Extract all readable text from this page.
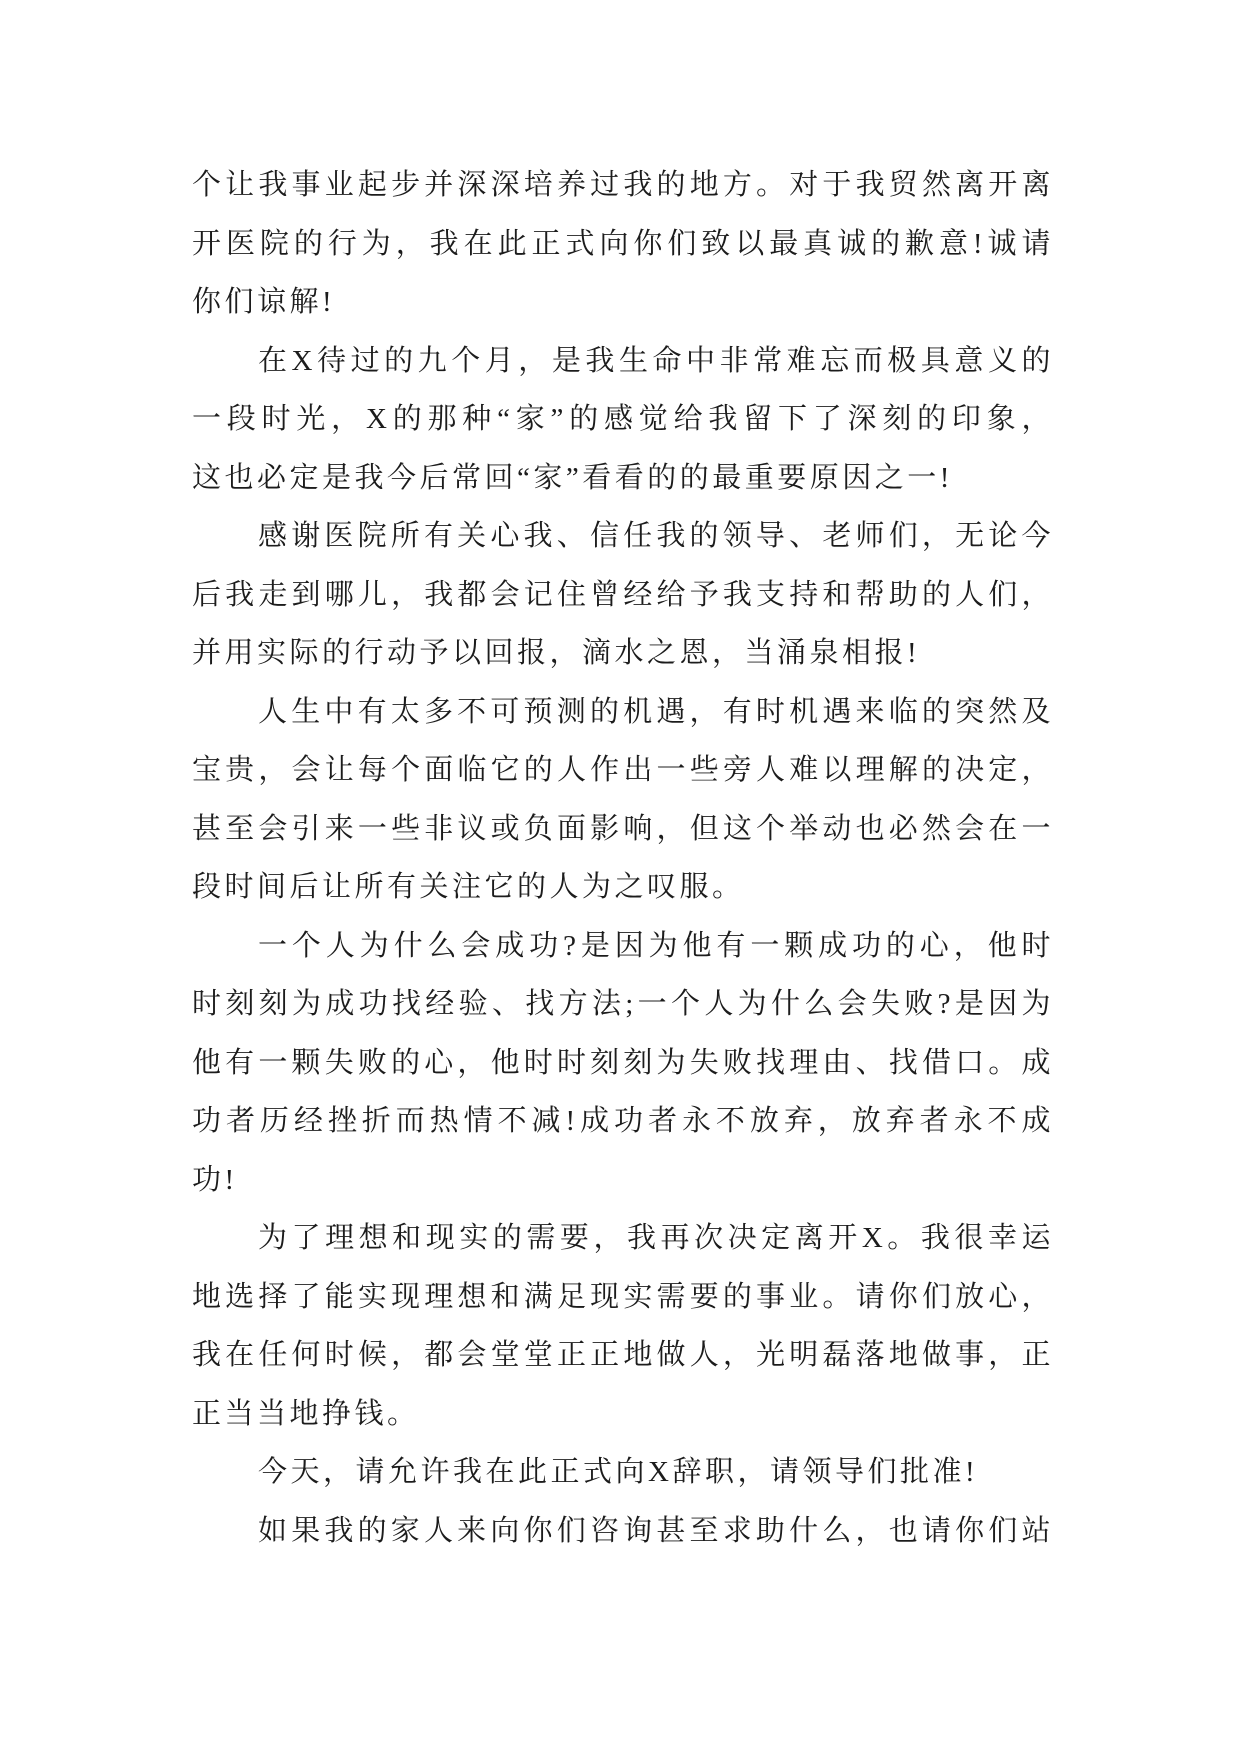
个让我事业起步并深深培养过我的地方。对于我贸然离开离
开医院的行为，我在此正式向你们致以最真诚的歉意!诚请
你们谅解!
在X待过的九个月，是我生命中非常难忘而极具意义的
一段时光，X的那种“家”的感觉给我留下了深刻的印象，
这也必定是我今后常回“家”看看的的最重要原因之一!
感谢医院所有关心我、信任我的领导、老师们，无论今
后我走到哪儿，我都会记住曾经给予我支持和帮助的人们，
并用实际的行动予以回报，滴水之恩，当涌泉相报!
人生中有太多不可预测的机遇，有时机遇来临的突然及
宝贵，会让每个面临它的人作出一些旁人难以理解的决定，
甚至会引来一些非议或负面影响，但这个举动也必然会在一
段时间后让所有关注它的人为之叹服。
一个人为什么会成功?是因为他有一颗成功的心，他时
时刻刻为成功找经验、找方法;一个人为什么会失败?是因为
他有一颗失败的心，他时时刻刻为失败找理由、找借口。成
功者历经挫折而热情不减!成功者永不放弃，放弃者永不成
功!
为了理想和现实的需要，我再次决定离开X。我很幸运
地选择了能实现理想和满足现实需要的事业。请你们放心，
我在任何时候，都会堂堂正正地做人，光明磊落地做事，正
正当当地挣钱。
今天，请允许我在此正式向X辞职，请领导们批准!
如果我的家人来向你们咨询甚至求助什么，也请你们站
